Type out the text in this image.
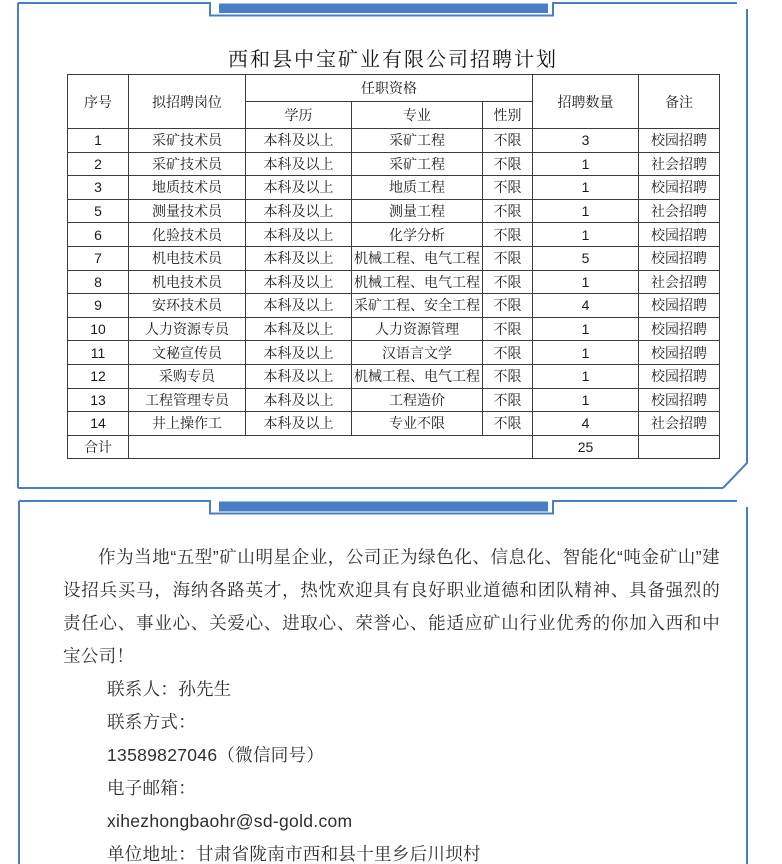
西和县中宝矿业有限公司招聘计划
序号	拟招聘岗位	任职资格			招聘数量	备注
		学历	专业	性别		
1	采矿技术员	本科及以上	采矿工程	不限	3	校园招聘
2	采矿技术员	本科及以上	采矿工程	不限	1	社会招聘
3	地质技术员	本科及以上	地质工程	不限	1	校园招聘
5	测量技术员	本科及以上	测量工程	不限	1	社会招聘
6	化验技术员	本科及以上	化学分析	不限	1	校园招聘
7	机电技术员	本科及以上	机械工程、电气工程	不限	5	校园招聘
8	机电技术员	本科及以上	机械工程、电气工程	不限	1	社会招聘
9	安环技术员	本科及以上	采矿工程、安全工程	不限	4	校园招聘
10	人力资源专员	本科及以上	人力资源管理	不限	1	校园招聘
11	文秘宣传员	本科及以上	汉语言文学	不限	1	校园招聘
12	采购专员	本科及以上	机械工程、电气工程	不限	1	校园招聘
13	工程管理专员	本科及以上	工程造价	不限	1	校园招聘
14	井上操作工	本科及以上	专业不限	不限	4	社会招聘
合计					25	

作为当地“五型”矿山明星企业，公司正为绿色化、信息化、智能化“吨金矿山”建设招兵买马，海纳各路英才，热忱欢迎具有良好职业道德和团队精神、具备强烈的责任心、事业心、关爱心、进取心、荣誉心、能适应矿山行业优秀的你加入西和中宝公司！

联系人：孙先生
联系方式：
13589827046（微信同号）
电子邮箱：
xihezhongbaohr@sd-gold.com
单位地址：甘肃省陇南市西和县十里乡后川坝村
